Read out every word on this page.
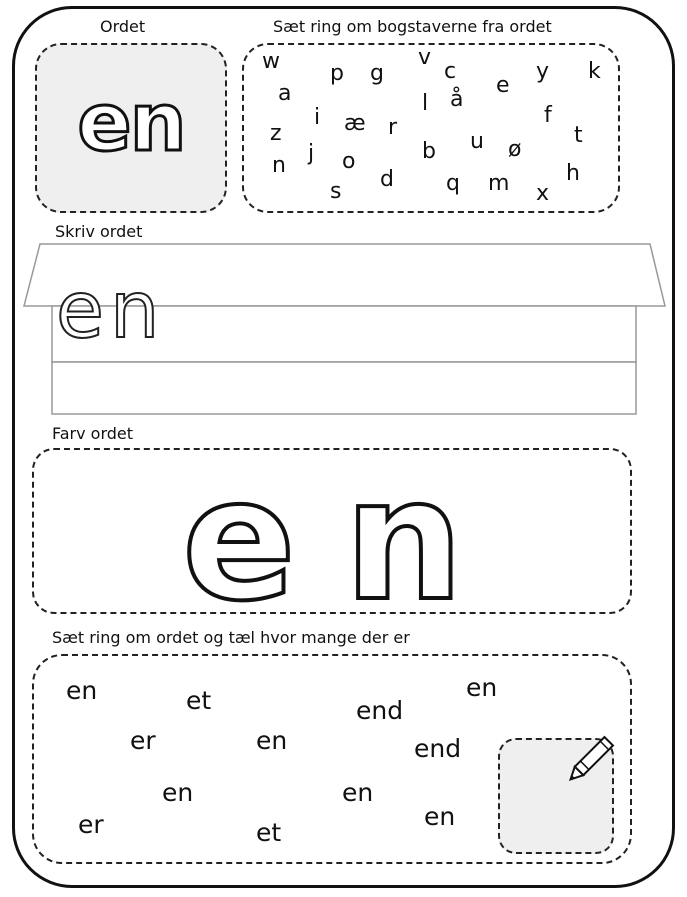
Ordet
en
Sæt ring om bogstaverne fra ordet
w p g
v
c	y k
a	e
l å
i æ r	f
z	t
u ø
j	b
o
n	h
s d q m x
Skriv ordet
en
Farv ordet
e n
Sæt ring om ordet og tæl hvor mange der er
en	et	end
en
er	en	end
en	en
er	et
en
